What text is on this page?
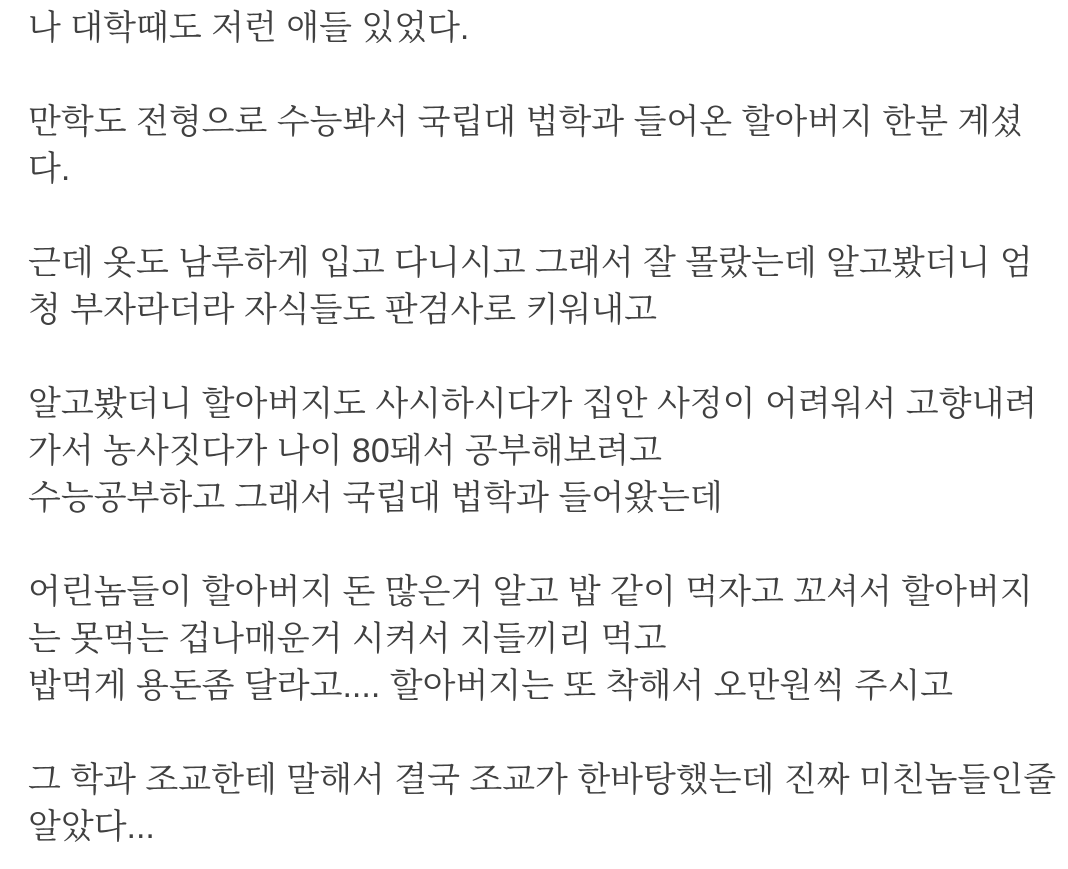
나 대학때도 저런 애들 있었다.
만학도 전형으로 수능봐서 국립대 법학과 들어온 할아버지 한분 계셨
다.
근데 옷도 남루하게 입고 다니시고 그래서 잘 몰랐는데 알고봤더니 엄
청 부자라더라 자식들도 판검사로 키워내고
알고봤더니 할아버지도 사시하시다가 집안 사정이 어려워서 고향내려
가서 농사짓다가 나이 80돼서 공부해보려고
수능공부하고 그래서 국립대 법학과 들어왔는데
어린놈들이 할아버지 돈 많은거 알고 밥 같이 먹자고 꼬셔서 할아버지
는 못먹는 겁나매운거 시켜서 지들끼리 먹고
밥먹게 용돈좀 달라고.... 할아버지는 또 착해서 오만원씩 주시고
그 학과 조교한테 말해서 결국 조교가 한바탕했는데 진짜 미친놈들인줄
알았다...
